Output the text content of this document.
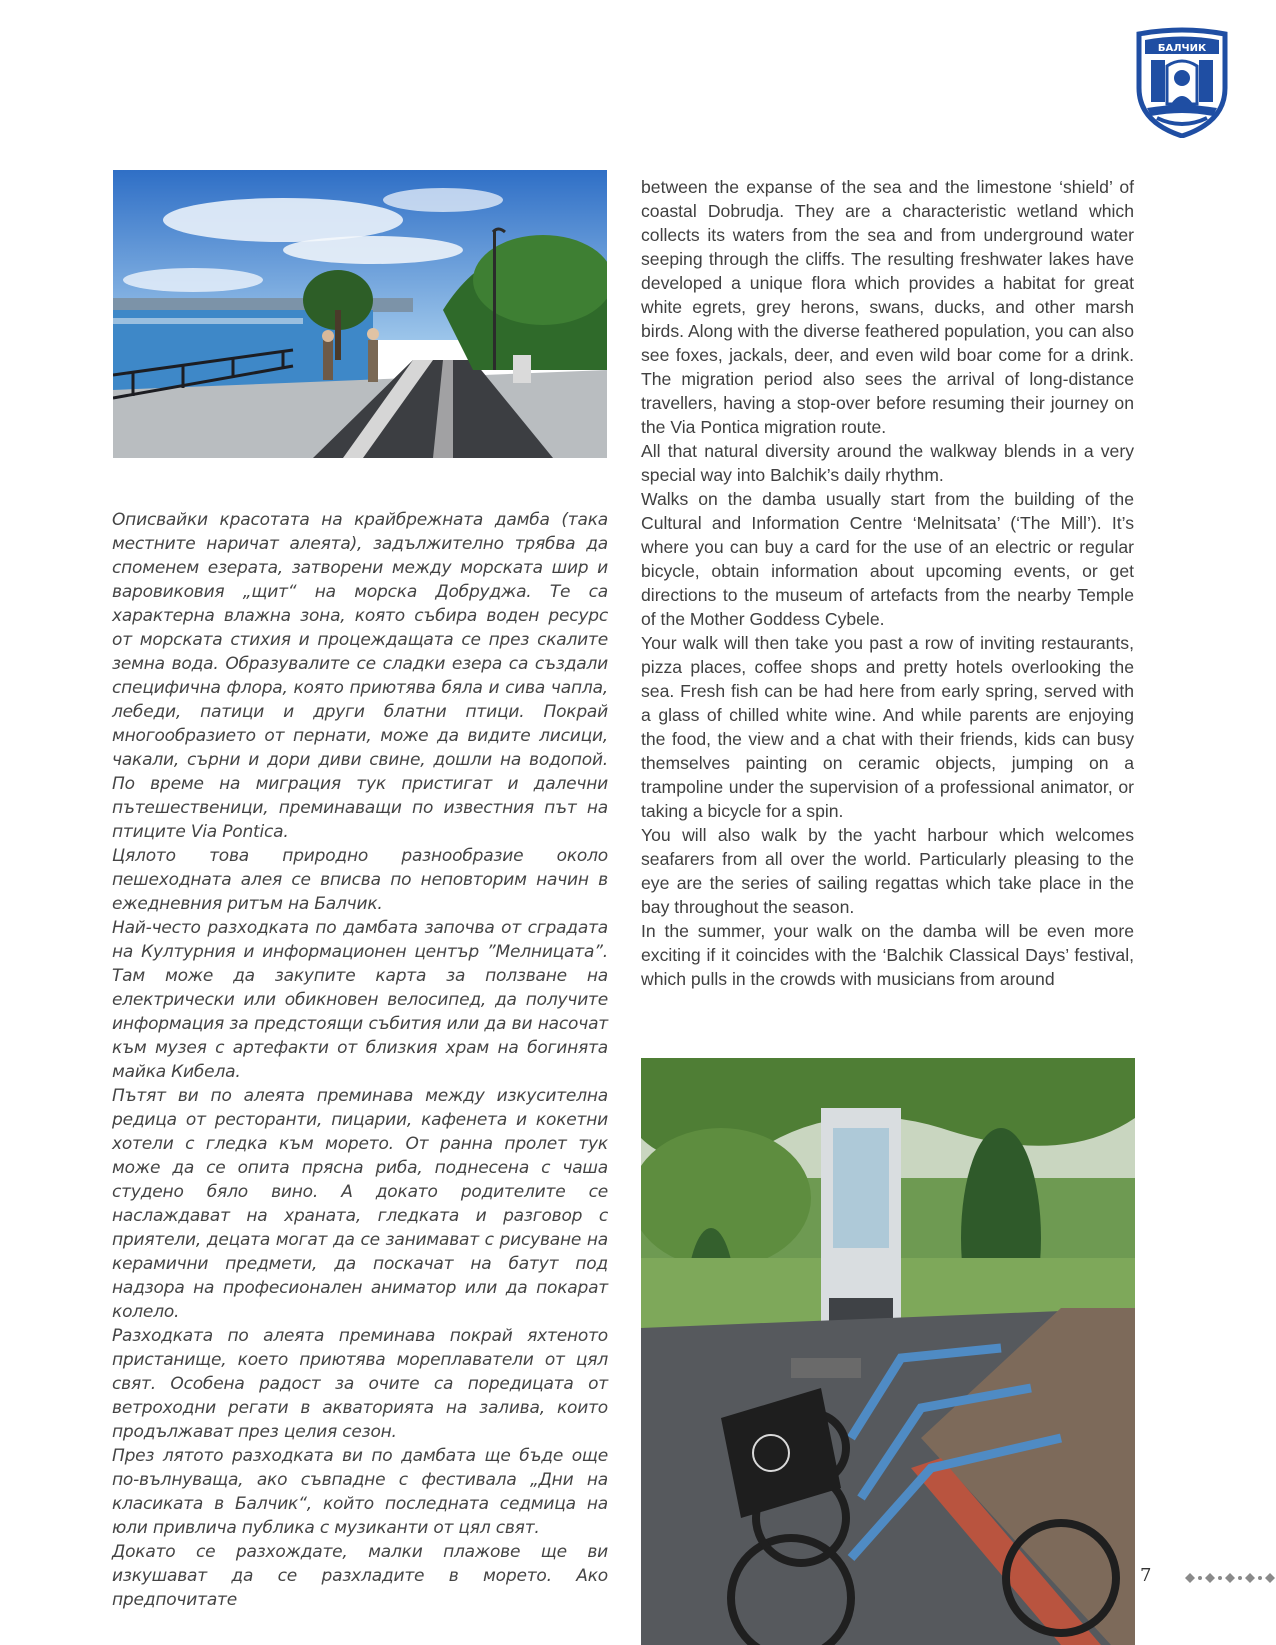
БАЛЧИК

Описвайки красотата на крайбрежната дамба (така местните наричат алеята), задължително трябва да споменем езерата, затворени между морската шир и варовиковия „щит“ на морска Добруджа. Те са характерна влажна зона, която събира воден ресурс от морската стихия и процеждащата се през скалите земна вода. Образувалите се сладки езера са създали специфична флора, която приютява бяла и сива чапла, лебеди, патици и други блатни птици. Покрай многообразието от пернати, може да видите лисици, чакали, сърни и дори диви свине, дошли на водопой. По време на миграция тук пристигат и далечни пътешественици, преминаващи по известния път на птиците Via Pontica.

Цялото това природно разнообразие около пешеходната алея се вписва по неповторим начин в ежедневния ритъм на Балчик.

Най-често разходката по дамбата започва от сградата на Културния и информационен център ”Мелницата”. Там може да закупите карта за ползване на електрически или обикновен велосипед, да получите информация за предстоящи събития или да ви насочат към музея с артефакти от близкия храм на богинята майка Кибела.

Пътят ви по алеята преминава между изкусителна редица от ресторанти, пицарии, кафенета и кокетни хотели с гледка към морето. От ранна пролет тук може да се опита прясна риба, поднесена с чаша студено бяло вино. А докато родителите се наслаждават на храната, гледката и разговор с приятели, децата могат да се занимават с рисуване на керамични предмети, да поскачат на батут под надзора на професионален аниматор или да покарат колело.

Разходката по алеята преминава покрай яхтеното пристанище, което приютява мореплаватели от цял свят. Особена радост за очите са поредицата от ветроходни регати в акваторията на залива, които продължават през целия сезон.

През лятото разходката ви по дамбата ще бъде още по-вълнуваща, ако съвпадне с фестивала „Дни на класиката в Балчик“, който последната седмица на юли привлича публика с музиканти от цял свят.

Докато се разхождате, малки плажове ще ви изкушават да се разхладите в морето. Ако предпочитате

between the expanse of the sea and the limestone ‘shield’ of coastal Dobrudja. They are a characteristic wetland which collects its waters from the sea and from underground water seeping through the cliffs. The resulting freshwater lakes have developed a unique flora which provides a habitat for great white egrets, grey herons, swans, ducks, and other marsh birds. Along with the diverse feathered population, you can also see foxes, jackals, deer, and even wild boar come for a drink. The migration period also sees the arrival of long-distance travellers, having a stop-over before resuming their journey on the Via Pontica migration route.

All that natural diversity around the walkway blends in a very special way into Balchik’s daily rhythm.

Walks on the damba usually start from the building of the Cultural and Information Centre ‘Melnitsata’ (‘The Mill’). It’s where you can buy a card for the use of an electric or regular bicycle, obtain information about upcoming events, or get directions to the museum of artefacts from the nearby Temple of the Mother Goddess Cybele.

Your walk will then take you past a row of inviting restaurants, pizza places, coffee shops and pretty hotels overlooking the sea. Fresh fish can be had here from early spring, served with a glass of chilled white wine. And while parents are enjoying the food, the view and a chat with their friends, kids can busy themselves painting on ceramic objects, jumping on a trampoline under the supervision of a professional animator, or taking a bicycle for a spin.

You will also walk by the yacht harbour which welcomes seafarers from all over the world. Particularly pleasing to the eye are the series of sailing regattas which take place in the bay throughout the season.

In the summer, your walk on the damba will be even more exciting if it coincides with the ‘Balchik Classical Days’ festival, which pulls in the crowds with musicians from around

7
